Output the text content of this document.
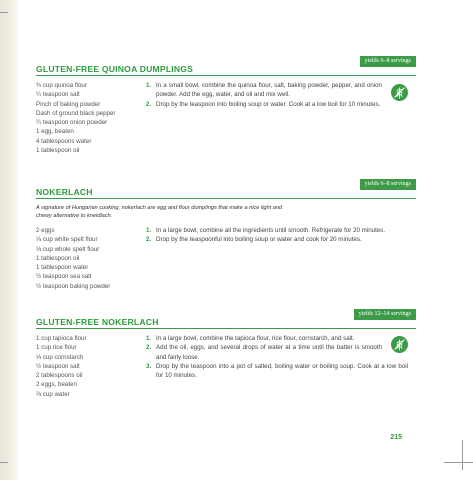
GLUTEN-FREE QUINOA DUMPLINGS
yields 6–8 servings
¾ cup quinoa flour
¼ teaspoon salt
Pinch of baking powder
Dash of ground black pepper
¼ teaspoon onion powder
1 egg, beaten
4 tablespoons water
1 tablespoon oil
1. In a small bowl, combine the quinoa flour, salt, baking powder, pepper, and onion powder. Add the egg, water, and oil and mix well.
2. Drop by the teaspoon into boiling soup or water. Cook at a low boil for 10 minutes.
NOKERLACH
yields 6–8 servings
A signature of Hungarian cooking, nokerlach are egg and flour dumplings that make a nice light and chewy alternative to kneidlach.
2 eggs
⅓ cup white spelt flour
⅓ cup whole spelt flour
1 tablespoon oil
1 tablespoon water
½ teaspoon sea salt
½ teaspoon baking powder
1. In a large bowl, combine all the ingredients until smooth. Refrigerate for 20 minutes.
2. Drop by the teaspoonful into boiling soup or water and cook for 20 minutes.
GLUTEN-FREE NOKERLACH
yields 12–14 servings
1 cup tapioca flour
1 cup rice flour
⅓ cup cornstarch
½ teaspoon salt
2 tablespoons oil
2 eggs, beaten
⅔ cup water
1. In a large bowl, combine the tapioca flour, rice flour, cornstarch, and salt.
2. Add the oil, eggs, and several drops of water at a time until the batter is smooth and fairly loose.
3. Drop by the teaspoon into a pot of salted, boiling water or boiling soup. Cook at a low boil for 10 minutes.
215
